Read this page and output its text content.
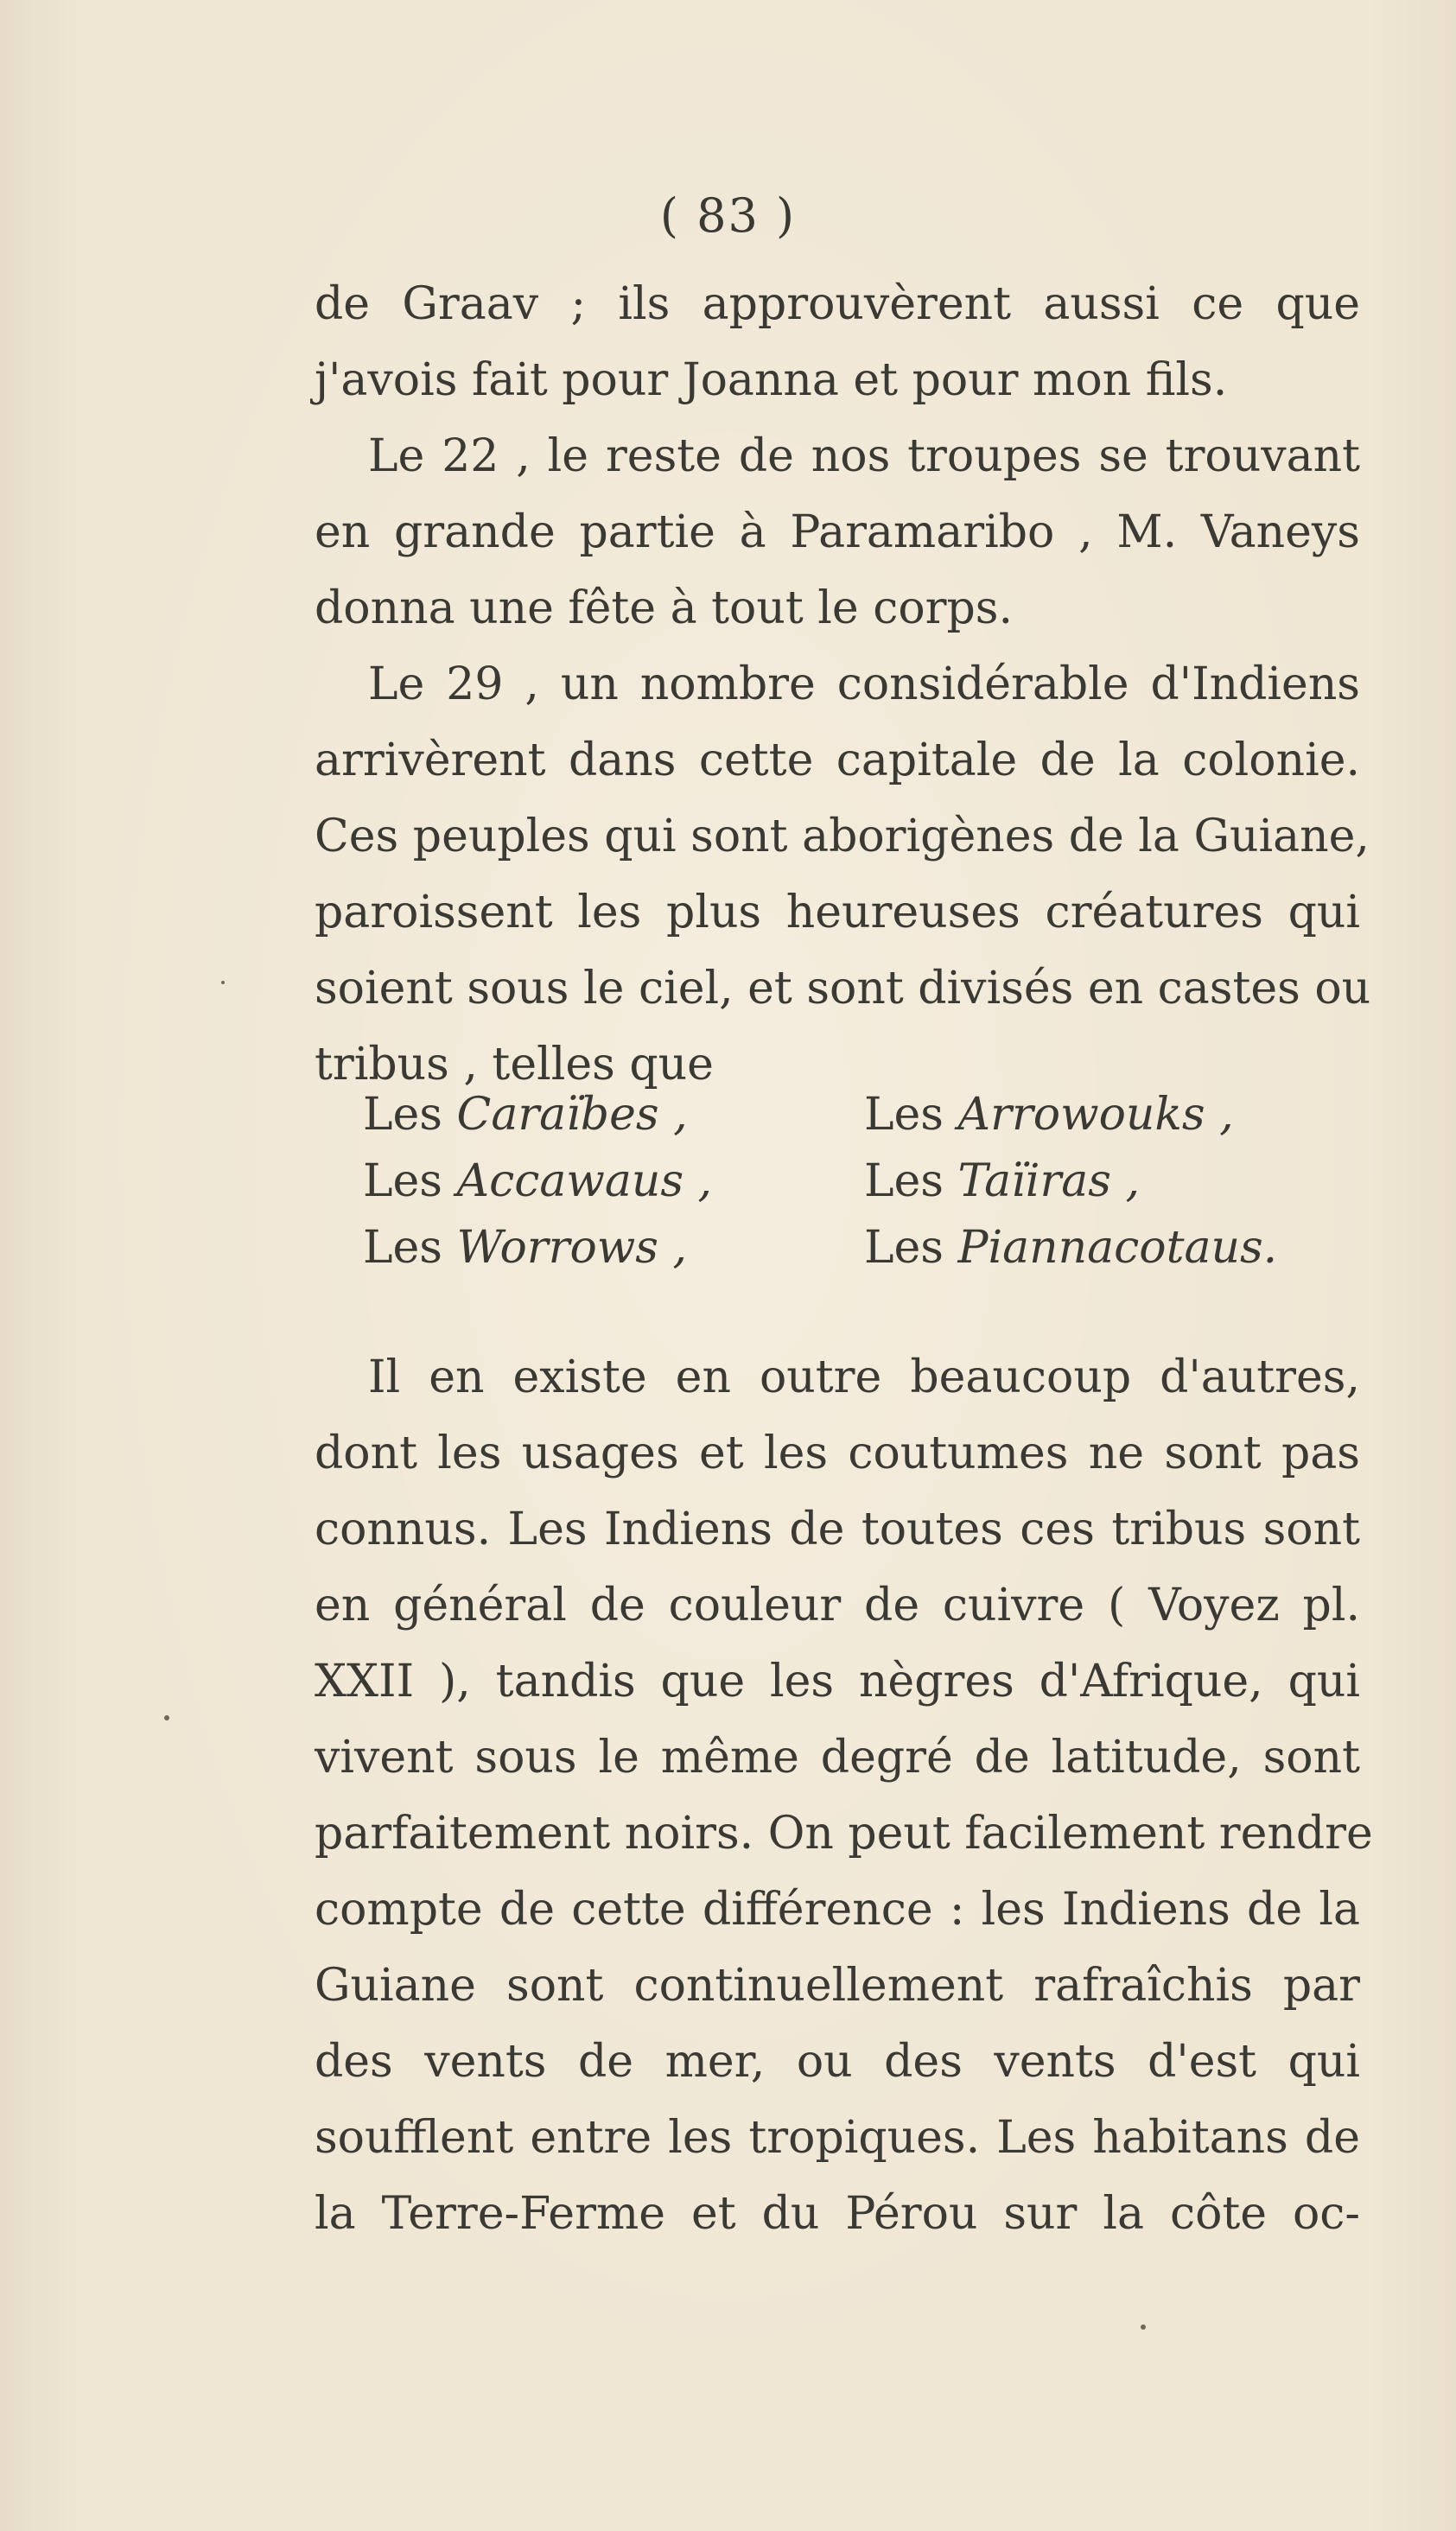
( 83 )
de Graav ; ils approuvèrent aussi ce que
j'avois fait pour Joanna et pour mon fils.
Le 22 , le reste de nos troupes se trouvant
en grande partie à Paramaribo , M. Vaneys
donna une fête à tout le corps.
Le 29 , un nombre considérable d'Indiens
arrivèrent dans cette capitale de la colonie.
Ces peuples qui sont aborigènes de la Guiane,
paroissent les plus heureuses créatures qui
soient sous le ciel, et sont divisés en castes ou
tribus , telles que
Les Caraïbes ,	Les Arrowouks ,
Les Accawaus ,	Les Taïiras ,
Les Worrows ,	Les Piannacotaus.
Il en existe en outre beaucoup d'autres,
dont les usages et les coutumes ne sont pas
connus. Les Indiens de toutes ces tribus sont
en général de couleur de cuivre ( Voyez pl.
XXII ), tandis que les nègres d'Afrique, qui
vivent sous le même degré de latitude, sont
parfaitement noirs. On peut facilement rendre
compte de cette différence : les Indiens de la
Guiane sont continuellement rafraîchis par
des vents de mer, ou des vents d'est qui
soufflent entre les tropiques. Les habitans de
la Terre-Ferme et du Pérou sur la côte oc-
